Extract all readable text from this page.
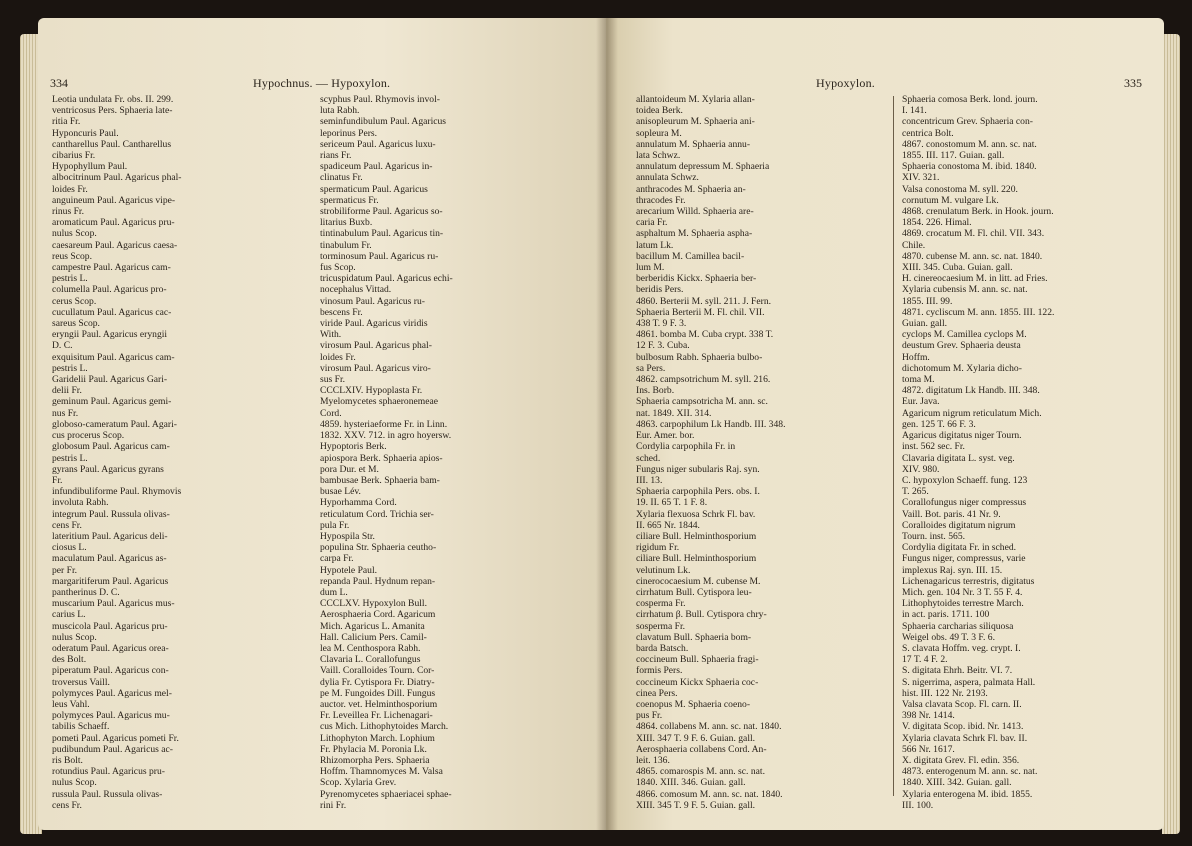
334	Hypochnus. — Hypoxylon.
Leotia undulata Fr. obs. II. 299.
ventricosus Pers. Sphaeria late-
ritia Fr.
Hyponcuris Paul.
cantharellus Paul. Cantharellus
cibarius Fr.
Hypophyllum Paul.
albocitrinum Paul. Agaricus phal-
loides Fr.
anguineum Paul. Agaricus vipe-
rinus Fr.
aromaticum Paul. Agaricus pru-
nulus Scop.
caesareum Paul. Agaricus caesa-
reus Scop.
campestre Paul. Agaricus cam-
pestris L.
columella Paul. Agaricus pro-
cerus Scop.
cucullatum Paul. Agaricus cac-
sareus Scop.
eryngii Paul. Agaricus eryngii
D. C.
exquisitum Paul. Agaricus cam-
pestris L.
Garidelii Paul. Agaricus Gari-
delii Fr.
geminum Paul. Agaricus gemi-
nus Fr.
globoso-cameratum Paul. Agari-
cus procerus Scop.
globosum Paul. Agaricus cam-
pestris L.
gyrans Paul. Agaricus gyrans
Fr.
infundibuliforme Paul. Rhymovis
involuta Rabh.
integrum Paul. Russula olivas-
cens Fr.
lateritium Paul. Agaricus deli-
ciosus L.
maculatum Paul. Agaricus as-
per Fr.
margaritiferum Paul. Agaricus
pantherinus D. C.
muscarium Paul. Agaricus mus-
carius L.
muscicola Paul. Agaricus pru-
nulus Scop.
oderatum Paul. Agaricus orea-
des Bolt.
piperatum Paul. Agaricus con-
troversus Vaill.
polymyces Paul. Agaricus mel-
leus Vahl.
polymyces Paul. Agaricus mu-
tabilis Schaeff.
pometi Paul. Agaricus pometi Fr.
pudibundum Paul. Agaricus ac-
ris Bolt.
rotundius Paul. Agaricus pru-
nulus Scop.
russula Paul. Russula olivas-
cens Fr.
scyphus Paul. Rhymovis invol-
luta Rabh.
seminfundibulum Paul. Agaricus
leporinus Pers.
sericeum Paul. Agaricus luxu-
rians Fr.
spadiceum Paul. Agaricus in-
clinatus Fr.
spermaticum Paul. Agaricus
spermaticus Fr.
strobiliforme Paul. Agaricus so-
litarius Buxb.
tintinabulum Paul. Agaricus tin-
tinabulum Fr.
torminosum Paul. Agaricus ru-
fus Scop.
tricuspidatum Paul. Agaricus echi-
nocephalus Vittad.
vinosum Paul. Agaricus ru-
bescens Fr.
viride Paul. Agaricus viridis
With.
virosum Paul. Agaricus phal-
loides Fr.
virosum Paul. Agaricus viro-
sus Fr.
CCCLXIV. Hypoplasta Fr.
Myelomycetes sphaeronemeae
Cord.
4859. hysteriaeforme Fr. in Linn.
1832. XXV. 712. in agro hoyersw.
Hypoptoris Berk.
apiospora Berk. Sphaeria apios-
pora Dur. et M.
bambusae Berk. Sphaeria bam-
busae Lév.
Hyporhamma Cord.
reticulatum Cord. Trichia ser-
pula Fr.
Hypospila Str.
populina Str. Sphaeria ceutho-
carpa Fr.
Hypotele Paul.
repanda Paul. Hydnum repan-
dum L.
CCCLXV. Hypoxylon Bull.
Aerosphaeria Cord. Agaricum
Mich. Agaricus L. Amanita
Hall. Calicium Pers. Camil-
lea M. Centhospora Rabh.
Clavaria L. Corallofungus
Vaill. Coralloides Tourn. Cor-
dylia Fr. Cytispora Fr. Diatry-
pe M. Fungoides Dill. Fungus
auctor. vet. Helminthosporium
Fr. Leveillea Fr. Lichenagari-
cus Mich. Lithophytoides March.
Lithophyton March. Lophium
Fr. Phylacia M. Poronia Lk.
Rhizomorpha Pers. Sphaeria
Hoffm. Thamnomyces M. Valsa
Scop. Xylaria Grev.
Pyrenomycetes sphaeriacei sphae-
rini Fr.
Hypoxylon.	335
allantoideum M. Xylaria allan-
toidea Berk.
anisopleurum M. Sphaeria ani-
sopleura M.
annulatum M. Sphaeria annu-
lata Schwz.
annulatum depressum M. Sphaeria
annulata Schwz.
anthracodes M. Sphaeria an-
thracodes Fr.
arecarium Willd. Sphaeria are-
caria Fr.
asphaltum M. Sphaeria aspha-
latum Lk.
bacillum M. Camillea bacil-
lum M.
berberidis Kickx. Sphaeria ber-
beridis Pers.
4860. Berterii M. syll. 211. J. Fern.
Sphaeria Berterii M. Fl. chil. VII.
438 T. 9 F. 3.
4861. bomba M. Cuba crypt. 338 T.
12 F. 3. Cuba.
bulbosum Rabh. Sphaeria bulbo-
sa Pers.
4862. campsotrichum M. syll. 216.
Ins. Borb.
Sphaeria campsotricha M. ann. sc.
nat. 1849. XII. 314.
4863. carpophilum Lk Handb. III. 348.
Eur. Amer. bor.
Cordylia carpophila Fr. in
sched.
Fungus niger subularis Raj. syn.
III. 13.
Sphaeria carpophila Pers. obs. I.
19. II. 65 T. 1 F. 8.
Xylaria flexuosa Schrk Fl. bav.
II. 665 Nr. 1844.
ciliare Bull. Helminthosporium
rigidum Fr.
ciliare Bull. Helminthosporium
velutinum Lk.
cinerococaesium M. cubense M.
cirrhatum Bull. Cytispora leu-
cosperma Fr.
cirrhatum β. Bull. Cytispora chry-
sosperma Fr.
clavatum Bull. Sphaeria bom-
barda Batsch.
coccineum Bull. Sphaeria fragi-
formis Pers.
coccineum Kickx Sphaeria coc-
cinea Pers.
coenopus M. Sphaeria coeno-
pus Fr.
4864. collabens M. ann. sc. nat. 1840.
XIII. 347 T. 9 F. 6. Guian. gall.
Aerosphaeria collabens Cord. An-
leit. 136.
4865. comarospis M. ann. sc. nat.
1840. XIII. 346. Guian. gall.
4866. comosum M. ann. sc. nat. 1840.
XIII. 345 T. 9 F. 5. Guian. gall.
Sphaeria comosa Berk. lond. journ.
I. 141.
concentricum Grev. Sphaeria con-
centrica Bolt.
4867. conostomum M. ann. sc. nat.
1855. III. 117. Guian. gall.
Sphaeria conostoma M. ibid. 1840.
XIV. 321.
Valsa conostoma M. syll. 220.
cornutum M. vulgare Lk.
4868. crenulatum Berk. in Hook. journ.
1854. 226. Himal.
4869. crocatum M. Fl. chil. VII. 343.
Chile.
4870. cubense M. ann. sc. nat. 1840.
XIII. 345. Cuba. Guian. gall.
H. cinereocaesium M. in litt. ad Fries.
Xylaria cubensis M. ann. sc. nat.
1855. III. 99.
4871. cycliscum M. ann. 1855. III. 122.
Guian. gall.
cyclops M. Camillea cyclops M.
deustum Grev. Sphaeria deusta
Hoffm.
dichotomum M. Xylaria dicho-
toma M.
4872. digitatum Lk Handb. III. 348.
Eur. Java.
Agaricum nigrum reticulatum Mich.
gen. 125 T. 66 F. 3.
Agaricus digitatus niger Tourn.
inst. 562 sec. Fr.
Clavaria digitata L. syst. veg.
XIV. 980.
C. hypoxylon Schaeff. fung. 123
T. 265.
Corallofungus niger compressus
Vaill. Bot. paris. 41 Nr. 9.
Coralloides digitatum nigrum
Tourn. inst. 565.
Cordylia digitata Fr. in sched.
Fungus niger, compressus, varie
implexus Raj. syn. III. 15.
Lichenagaricus terrestris, digitatus
Mich. gen. 104 Nr. 3 T. 55 F. 4.
Lithophytoides terrestre March.
in act. paris. 1711. 100
Sphaeria carcharias siliquosa
Weigel obs. 49 T. 3 F. 6.
S. clavata Hoffm. veg. crypt. I.
17 T. 4 F. 2.
S. digitata Ehrh. Beitr. VI. 7.
S. nigerrima, aspera, palmata Hall.
hist. III. 122 Nr. 2193.
Valsa clavata Scop. Fl. carn. II.
398 Nr. 1414.
V. digitata Scop. ibid. Nr. 1413.
Xylaria clavata Schrk Fl. bav. II.
566 Nr. 1617.
X. digitata Grev. Fl. edin. 356.
4873. enterogenum M. ann. sc. nat.
1840. XIII. 342. Guian. gall.
Xylaria enterogena M. ibid. 1855.
III. 100.
